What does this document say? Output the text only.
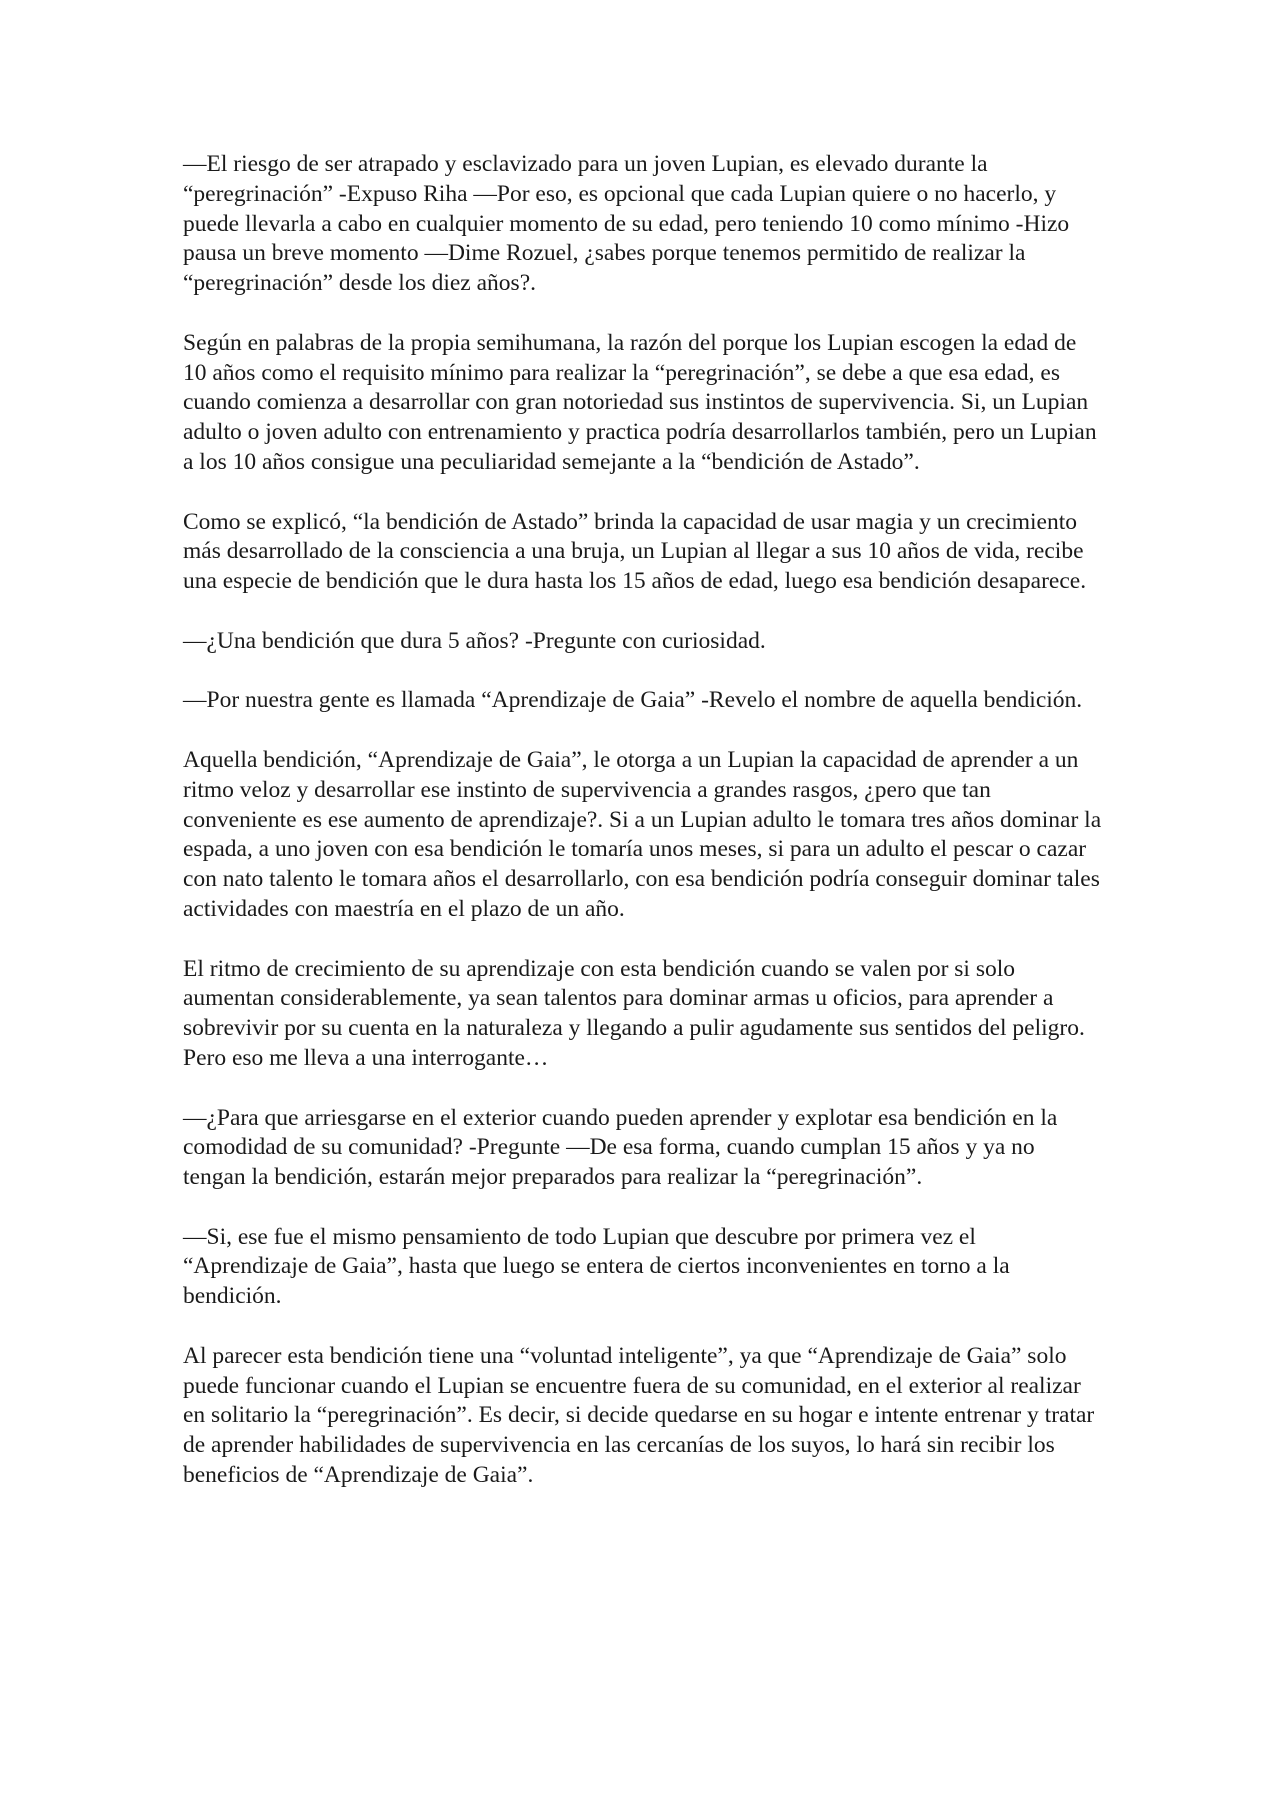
—El riesgo de ser atrapado y esclavizado para un joven Lupian, es elevado durante la “peregrinación” -Expuso Riha —Por eso, es opcional que cada Lupian quiere o no hacerlo, y puede llevarla a cabo en cualquier momento de su edad, pero teniendo 10 como mínimo -Hizo pausa un breve momento —Dime Rozuel, ¿sabes porque tenemos permitido de realizar la “peregrinación” desde los diez años?.

Según en palabras de la propia semihumana, la razón del porque los Lupian escogen la edad de 10 años como el requisito mínimo para realizar la “peregrinación”, se debe a que esa edad, es cuando comienza a desarrollar con gran notoriedad sus instintos de supervivencia. Si, un Lupian adulto o joven adulto con entrenamiento y practica podría desarrollarlos también, pero un Lupian a los 10 años consigue una peculiaridad semejante a la “bendición de Astado”.

Como se explicó, “la bendición de Astado” brinda la capacidad de usar magia y un crecimiento más desarrollado de la consciencia a una bruja, un Lupian al llegar a sus 10 años de vida, recibe una especie de bendición que le dura hasta los 15 años de edad, luego esa bendición desaparece.

—¿Una bendición que dura 5 años? -Pregunte con curiosidad.

—Por nuestra gente es llamada “Aprendizaje de Gaia” -Revelo el nombre de aquella bendición.

Aquella bendición, “Aprendizaje de Gaia”, le otorga a un Lupian la capacidad de aprender a un ritmo veloz y desarrollar ese instinto de supervivencia a grandes rasgos, ¿pero que tan conveniente es ese aumento de aprendizaje?. Si a un Lupian adulto le tomara tres años dominar la espada, a uno joven con esa bendición le tomaría unos meses, si para un adulto el pescar o cazar con nato talento le tomara años el desarrollarlo, con esa bendición podría conseguir dominar tales actividades con maestría en el plazo de un año.

El ritmo de crecimiento de su aprendizaje con esta bendición cuando se valen por si solo aumentan considerablemente, ya sean talentos para dominar armas u oficios, para aprender a sobrevivir por su cuenta en la naturaleza y llegando a pulir agudamente sus sentidos del peligro. Pero eso me lleva a una interrogante…

—¿Para que arriesgarse en el exterior cuando pueden aprender y explotar esa bendición en la comodidad de su comunidad? -Pregunte —De esa forma, cuando cumplan 15 años y ya no tengan la bendición, estarán mejor preparados para realizar la “peregrinación”.

—Si, ese fue el mismo pensamiento de todo Lupian que descubre por primera vez el “Aprendizaje de Gaia”, hasta que luego se entera de ciertos inconvenientes en torno a la bendición.

Al parecer esta bendición tiene una “voluntad inteligente”, ya que “Aprendizaje de Gaia” solo puede funcionar cuando el Lupian se encuentre fuera de su comunidad, en el exterior al realizar en solitario la “peregrinación”. Es decir, si decide quedarse en su hogar e intente entrenar y tratar de aprender habilidades de supervivencia en las cercanías de los suyos, lo hará sin recibir los beneficios de “Aprendizaje de Gaia”.
